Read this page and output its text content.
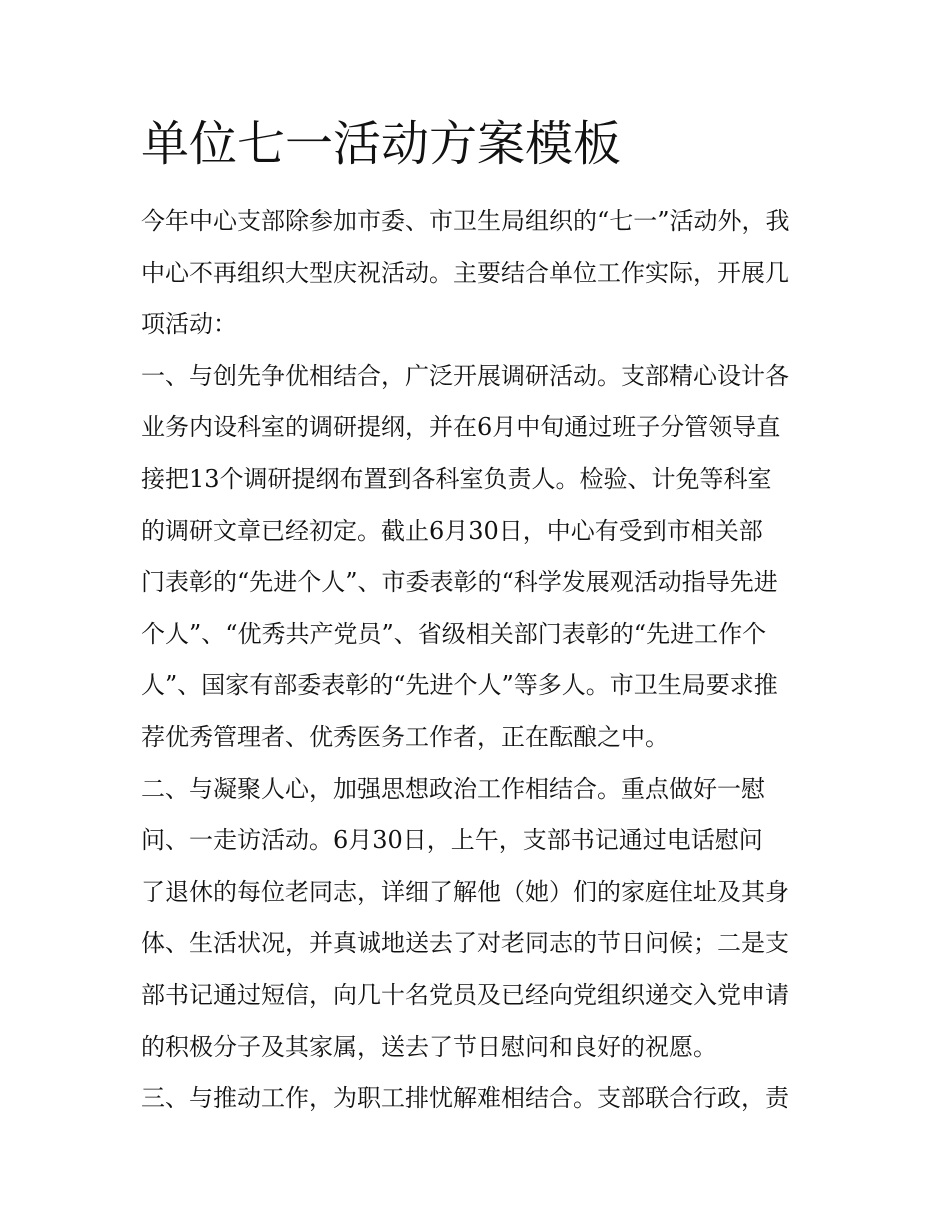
单位七一活动方案模板

今年中心支部除参加市委、市卫生局组织的“七一”活动外，我

中心不再组织大型庆祝活动。主要结合单位工作实际，开展几

项活动：

一、与创先争优相结合，广泛开展调研活动。支部精心设计各

业务内设科室的调研提纲，并在6月中旬通过班子分管领导直

接把13个调研提纲布置到各科室负责人。检验、计免等科室

的调研文章已经初定。截止6月30日，中心有受到市相关部

门表彰的“先进个人”、市委表彰的“科学发展观活动指导先进

个人”、“优秀共产党员”、省级相关部门表彰的“先进工作个

人”、国家有部委表彰的“先进个人”等多人。市卫生局要求推

荐优秀管理者、优秀医务工作者，正在酝酿之中。

二、与凝聚人心，加强思想政治工作相结合。重点做好一慰

问、一走访活动。6月30日，上午，支部书记通过电话慰问

了退休的每位老同志，详细了解他（她）们的家庭住址及其身

体、生活状况，并真诚地送去了对老同志的节日问候；二是支

部书记通过短信，向几十名党员及已经向党组织递交入党申请

的积极分子及其家属，送去了节日慰问和良好的祝愿。

三、与推动工作，为职工排忧解难相结合。支部联合行政，责
